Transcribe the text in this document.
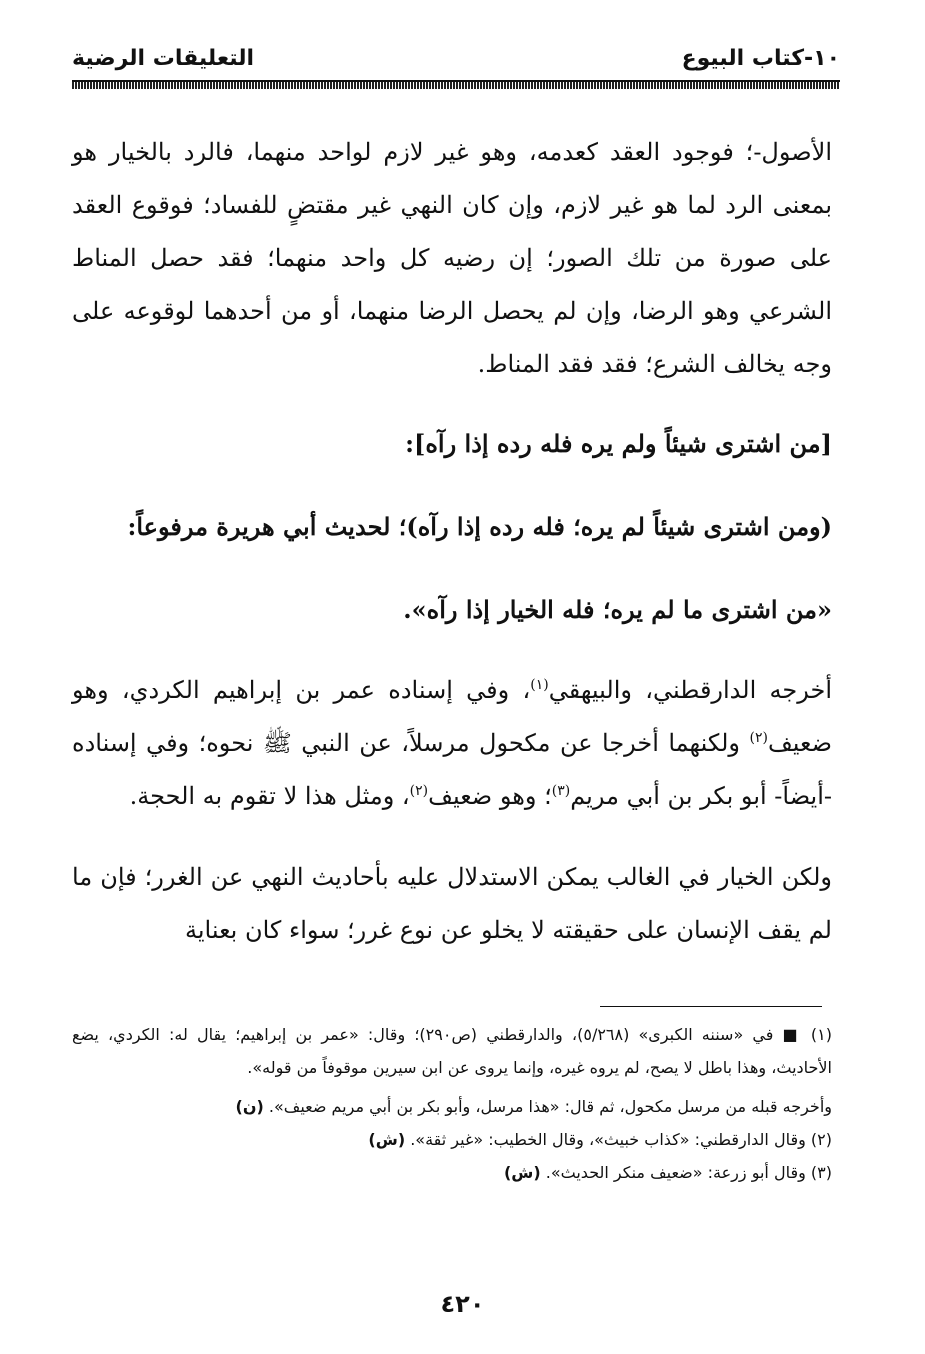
١٠-كتاب البيوع
التعليقات الرضية

الأصول-؛ فوجود العقد كعدمه، وهو غير لازم لواحد منهما، فالرد بالخيار هو بمعنى الرد لما هو غير لازم، وإن كان النهي غير مقتضٍ للفساد؛ فوقوع العقد على صورة من تلك الصور؛ إن رضيه كل واحد منهما؛ فقد حصل المناط الشرعي وهو الرضا، وإن لم يحصل الرضا منهما، أو من أحدهما لوقوعه على وجه يخالف الشرع؛ فقد فقد المناط.

[من اشترى شيئاً ولم يره فله رده إذا رآه]:

(ومن اشترى شيئاً لم يره؛ فله رده إذا رآه)؛ لحديث أبي هريرة مرفوعاً:

«من اشترى ما لم يره؛ فله الخيار إذا رآه».

أخرجه الدارقطني، والبيهقي$^{(١)}$، وفي إسناده عمر بن إبراهيم الكردي، وهو ضعيف$^{(٢)}$ ولكنهما أخرجا عن مكحول مرسلاً، عن النبي ﷺ نحوه؛ وفي إسناده -أيضاً- أبو بكر بن أبي مريم$^{(٣)}$؛ وهو ضعيف$^{(٢)}$، ومثل هذا لا تقوم به الحجة.

ولكن الخيار في الغالب يمكن الاستدلال عليه بأحاديث النهي عن الغرر؛ فإن ما لم يقف الإنسان على حقيقته لا يخلو عن نوع غرر؛ سواء كان بعناية

(١) ■ في «سننه الكبرى» (٥/٢٦٨)، والدارقطني (ص٢٩٠)؛ وقال: «عمر بن إبراهيم؛ يقال له: الكردي، يضع الأحاديث، وهذا باطل لا يصح، لم يروه غيره، وإنما يروى عن ابن سيرين موقوفاً من قوله».

وأخرجه قبله من مرسل مكحول، ثم قال: «هذا مرسل، وأبو بكر بن أبي مريم ضعيف». (ن)

(٢) وقال الدارقطني: «كذاب خبيث»، وقال الخطيب: «غير ثقة». (ش)

(٣) وقال أبو زرعة: «ضعيف منكر الحديث». (ش)

٤٢٠
